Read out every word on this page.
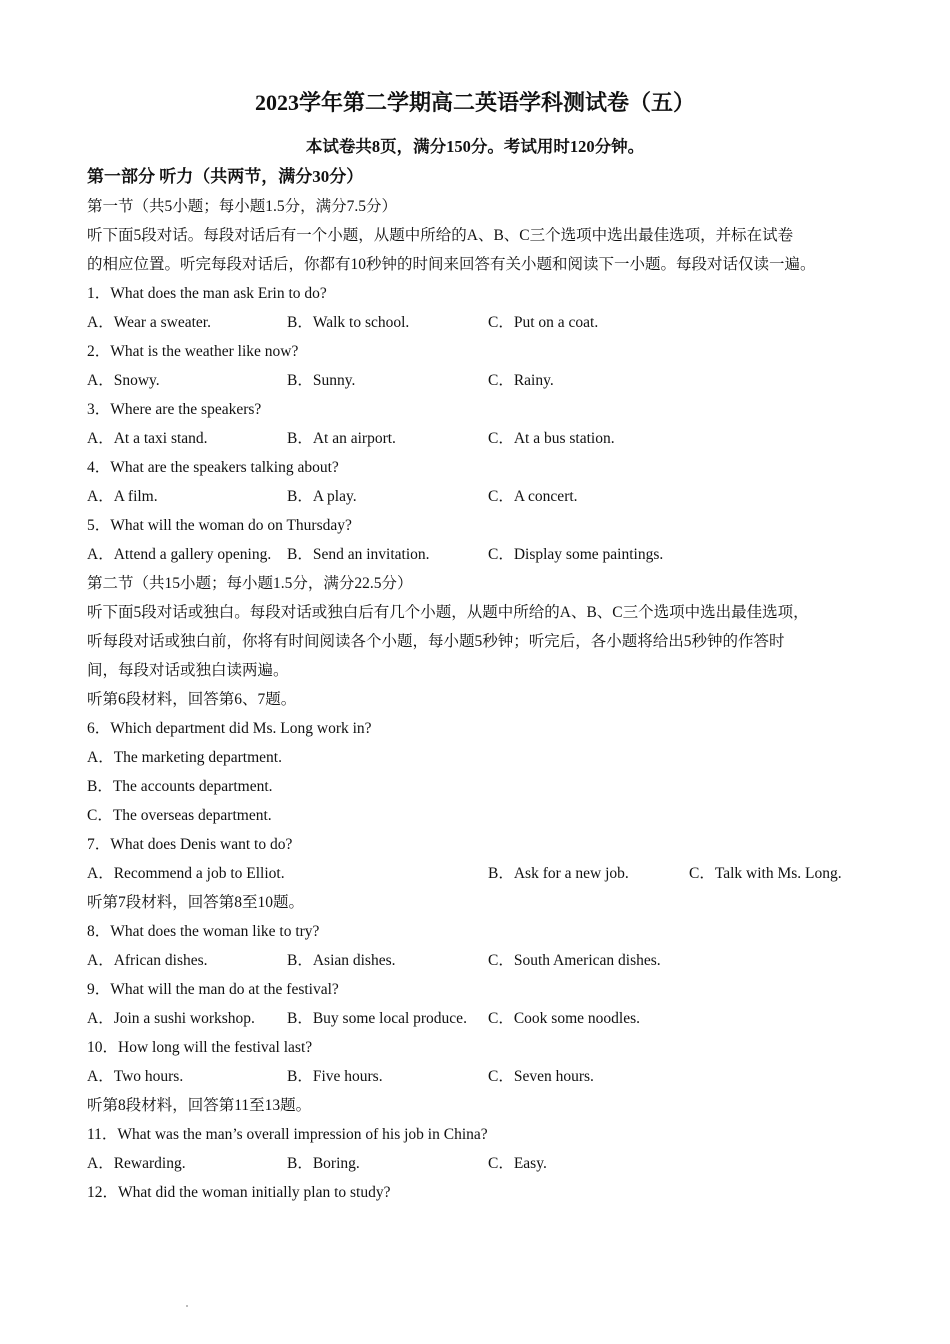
2023学年第二学期高二英语学科测试卷（五）
本试卷共8页，满分150分。考试用时120分钟。
第一部分 听力（共两节，满分30分）
第一节（共5小题；每小题1.5分，满分7.5分）
听下面5段对话。每段对话后有一个小题，从题中所给的A、B、C三个选项中选出最佳选项，并标在试卷
的相应位置。听完每段对话后，你都有10秒钟的时间来回答有关小题和阅读下一小题。每段对话仅读一遍。
1．What does the man ask Erin to do?
A．Wear a sweater.	B．Walk to school.	C．Put on a coat.
2．What is the weather like now?
A．Snowy.	B．Sunny.	C．Rainy.
3．Where are the speakers?
A．At a taxi stand.	B．At an airport.	C．At a bus station.
4．What are the speakers talking about?
A．A film.	B．A play.	C．A concert.
5．What will the woman do on Thursday?
A．Attend a gallery opening. B．Send an invitation.	C．Display some paintings.
第二节（共15小题；每小题1.5分，满分22.5分）
听下面5段对话或独白。每段对话或独白后有几个小题，从题中所给的A、B、C三个选项中选出最佳选项，
听每段对话或独白前，你将有时间阅读各个小题，每小题5秒钟；听完后，各小题将给出5秒钟的作答时
间，每段对话或独白读两遍。
听第6段材料，回答第6、7题。
6．Which department did Ms. Long work in?
A．The marketing department.
B．The accounts department.
C．The overseas department.
7．What does Denis want to do?
A．Recommend a job to Elliot.	B．Ask for a new job.	C．Talk with Ms. Long.
听第7段材料，回答第8至10题。
8．What does the woman like to try?
A．African dishes.	B．Asian dishes.	C．South American dishes.
9．What will the man do at the festival?
A．Join a sushi workshop. B．Buy some local produce. C．Cook some noodles.
10．How long will the festival last?
A．Two hours.	B．Five hours.	C．Seven hours.
听第8段材料，回答第11至13题。
11．What was the man’s overall impression of his job in China?
A．Rewarding.	B．Boring.	C．Easy.
12．What did the woman initially plan to study?
